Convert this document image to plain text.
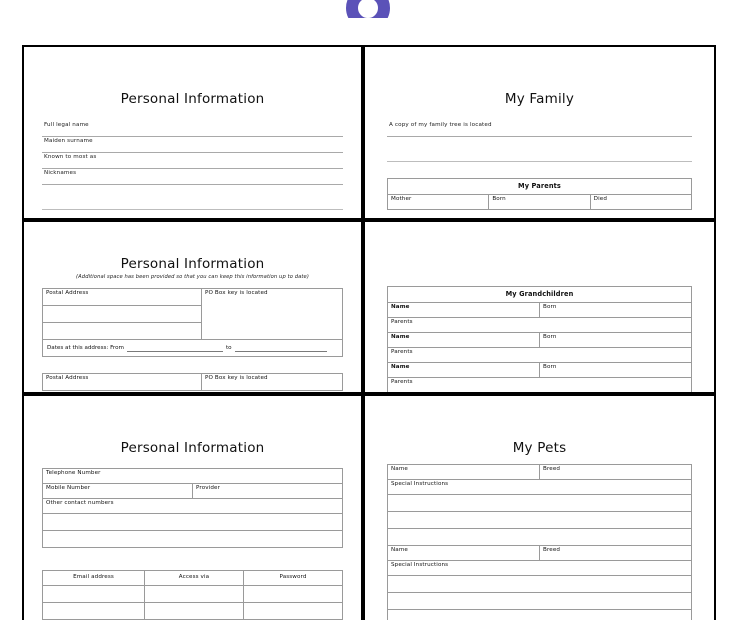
Personal Information
Full legal name
Maiden surname
Known to most as
Nicknames
My Family
A copy of my family tree is located
My Parents
Mother	Born	Died
Personal Information
(Additional space has been provided so that you can keep this information up to date)
Postal Address	PO Box key is located

Dates at this address: From	to
Postal Address	PO Box key is located
My Grandchildren	
Name	Born
Parents	
Name	Born
Parents	
Name	Born
Parents	
Personal Information
Telephone Number
Mobile Number	Provider
Other contact numbers

Email address	Access via	Password

My Pets
Name	Breed
Special Instructions	

Name	Breed
Special Instructions	
